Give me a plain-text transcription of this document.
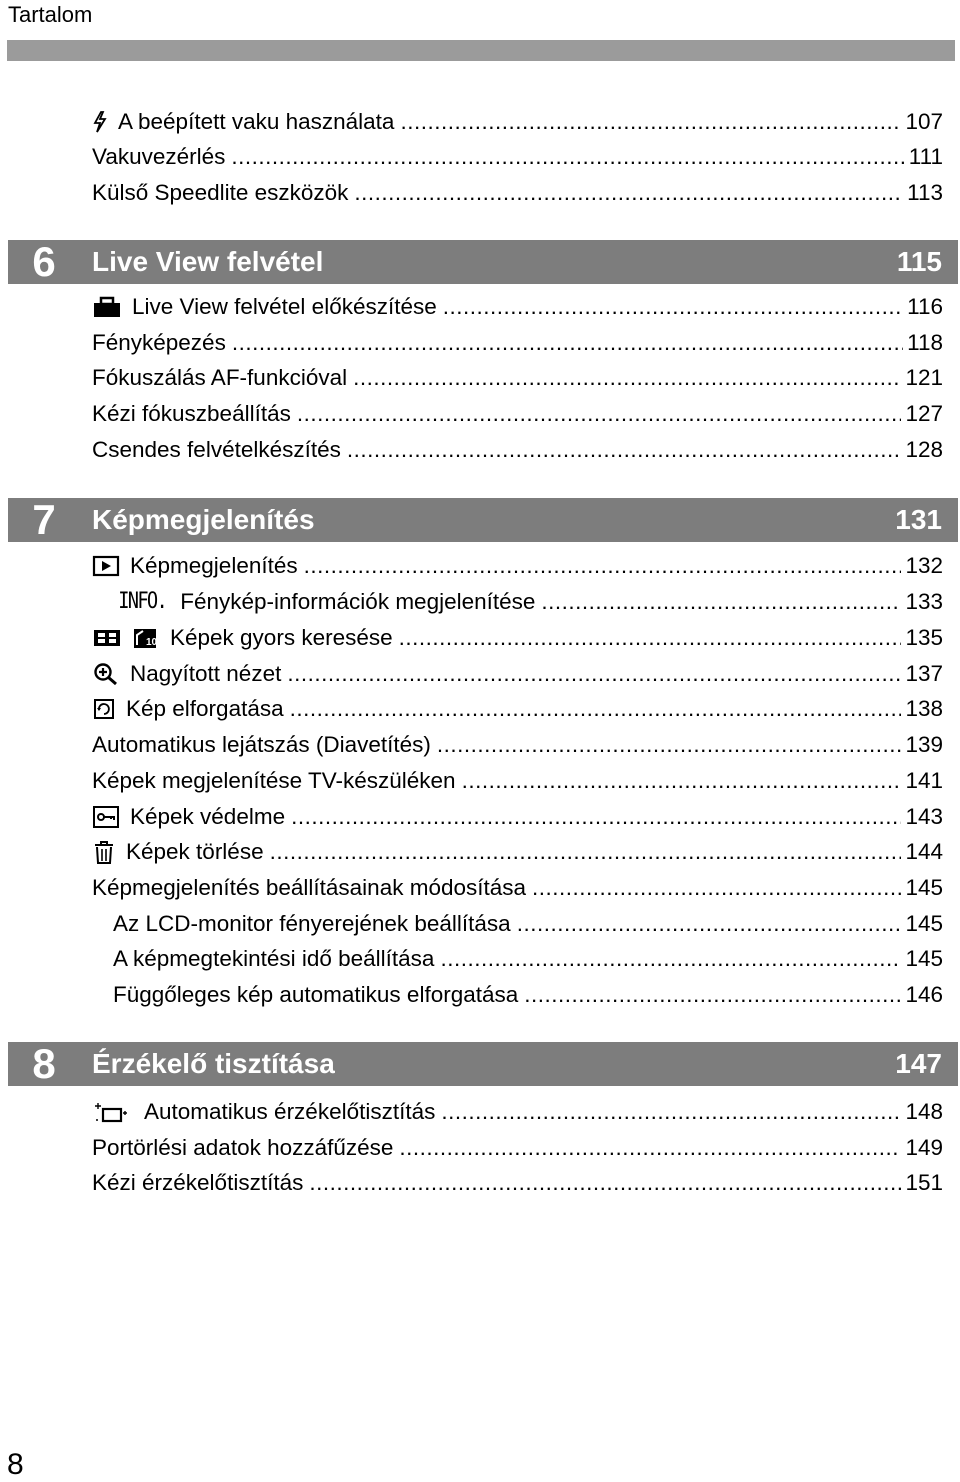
Tartalom
A beépített vaku használata .....	107
Vakuvezérlés .....	111
Külső Speedlite eszközök .....	113
6	Live View felvétel	115
Live View felvétel előkészítése .....	116
Fényképezés .....	118
Fókuszálás AF-funkcióval .....	121
Kézi fókuszbeállítás .....	127
Csendes felvételkészítés .....	128
7	Képmegjelenítés	131
Képmegjelenítés .....	132
INFO. Fénykép-információk megjelenítése .....	133
10 Képek gyors keresése .....	135
Nagyított nézet .....	137
Kép elforgatása .....	138
Automatikus lejátszás (Diavetítés) .....	139
Képek megjelenítése TV-készüléken .....	141
Képek védelme .....	143
Képek törlése .....	144
Képmegjelenítés beállításainak módosítása .....	145
Az LCD-monitor fényerejének beállítása .....	145
A képmegtekintési idő beállítása .....	145
Függőleges kép automatikus elforgatása .....	146
8	Érzékelő tisztítása	147
Automatikus érzékelőtisztítás .....	148
Portörlési adatok hozzáfűzése .....	149
Kézi érzékelőtisztítás .....	151
8
